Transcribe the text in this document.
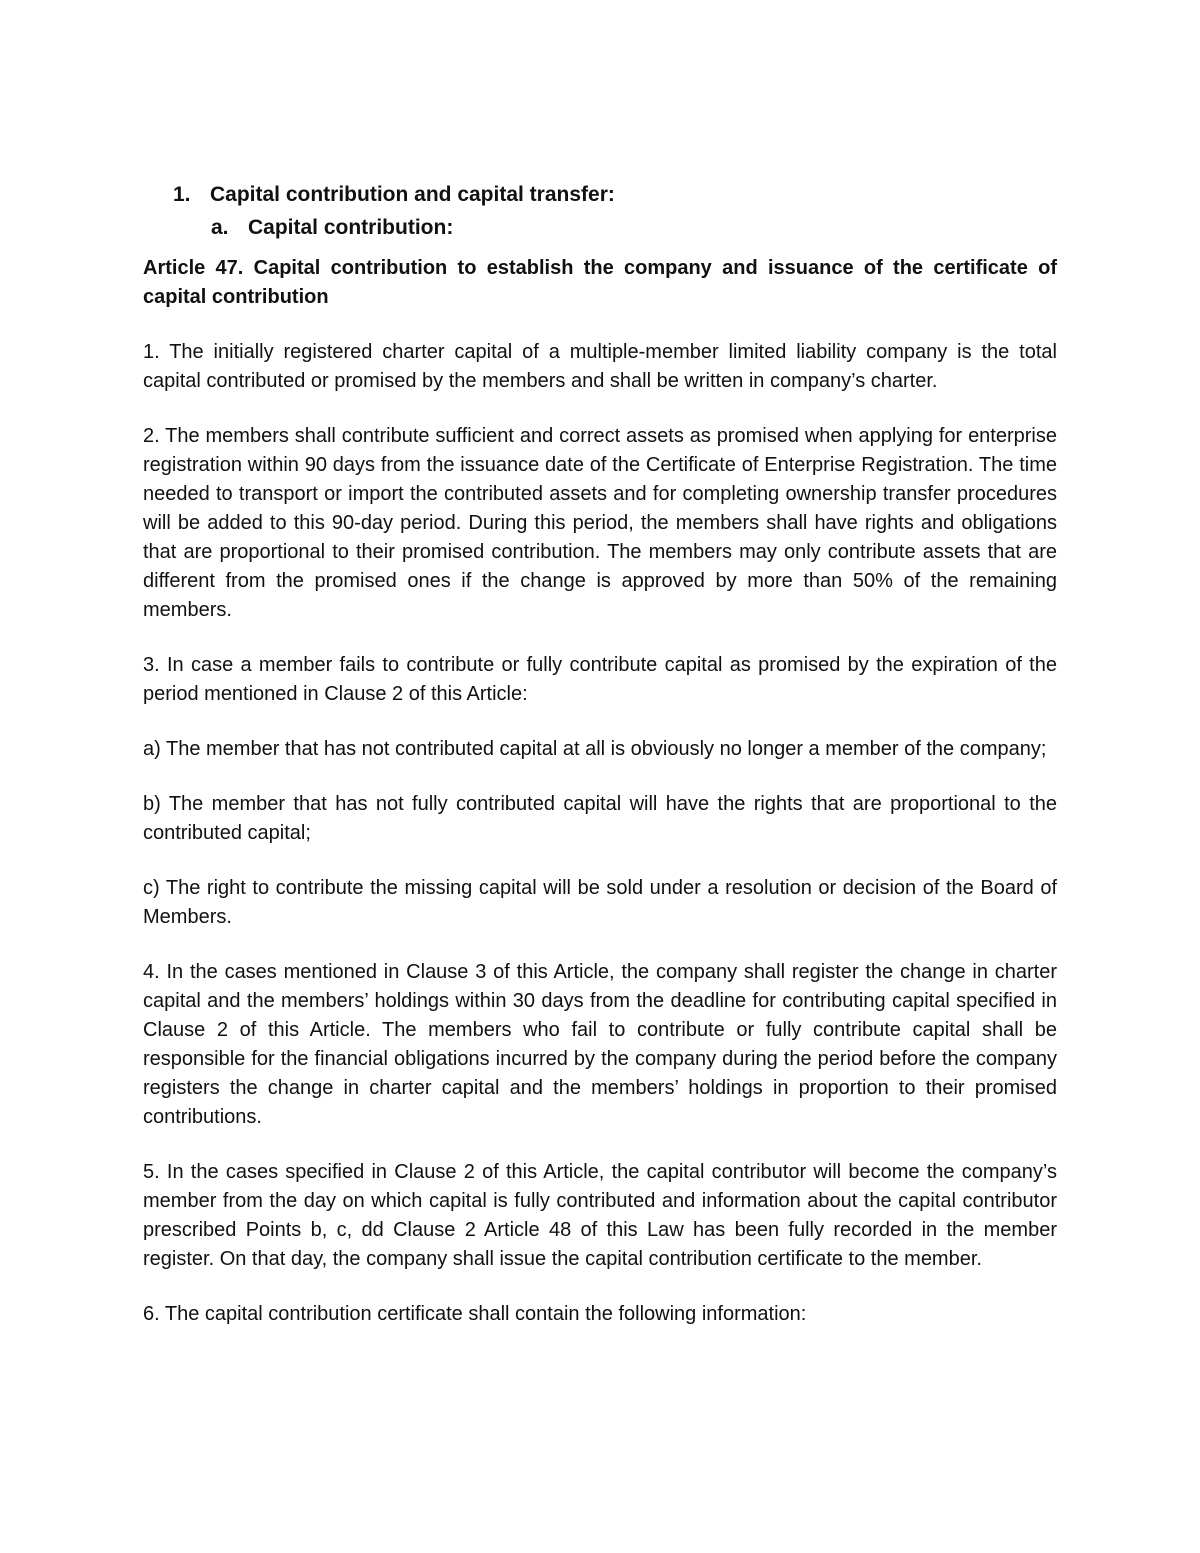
1. Capital contribution and capital transfer:
a. Capital contribution:

Article 47. Capital contribution to establish the company and issuance of the certificate of capital contribution

1. The initially registered charter capital of a multiple-member limited liability company is the total capital contributed or promised by the members and shall be written in company’s charter.

2. The members shall contribute sufficient and correct assets as promised when applying for enterprise registration within 90 days from the issuance date of the Certificate of Enterprise Registration. The time needed to transport or import the contributed assets and for completing ownership transfer procedures will be added to this 90-day period. During this period, the members shall have rights and obligations that are proportional to their promised contribution. The members may only contribute assets that are different from the promised ones if the change is approved by more than 50% of the remaining members.

3. In case a member fails to contribute or fully contribute capital as promised by the expiration of the period mentioned in Clause 2 of this Article:

a) The member that has not contributed capital at all is obviously no longer a member of the company;

b) The member that has not fully contributed capital will have the rights that are proportional to the contributed capital;

c) The right to contribute the missing capital will be sold under a resolution or decision of the Board of Members.

4. In the cases mentioned in Clause 3 of this Article, the company shall register the change in charter capital and the members’ holdings within 30 days from the deadline for contributing capital specified in Clause 2 of this Article. The members who fail to contribute or fully contribute capital shall be responsible for the financial obligations incurred by the company during the period before the company registers the change in charter capital and the members’ holdings in proportion to their promised contributions.

5. In the cases specified in Clause 2 of this Article, the capital contributor will become the company’s member from the day on which capital is fully contributed and information about the capital contributor prescribed Points b, c, dd Clause 2 Article 48 of this Law has been fully recorded in the member register. On that day, the company shall issue the capital contribution certificate to the member.

6. The capital contribution certificate shall contain the following information:
